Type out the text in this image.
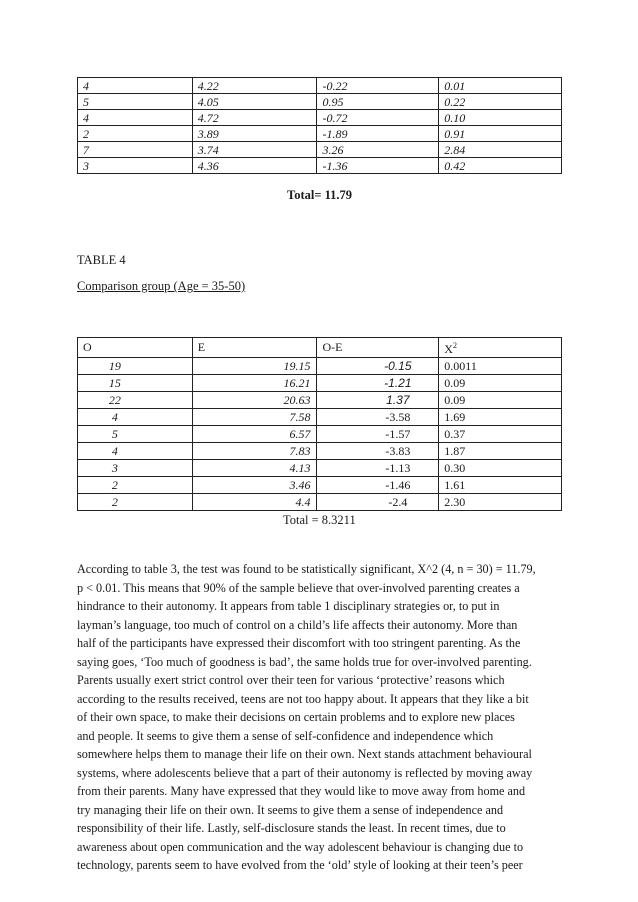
4	4.22	-0.22	0.01
5	4.05	0.95	0.22
4	4.72	-0.72	0.10
2	3.89	-1.89	0.91
7	3.74	3.26	2.84
3	4.36	-1.36	0.42
Total= 11.79
TABLE 4
Comparison group (Age = 35-50)
O	E	O-E	$X^2$
19	19.15	-0.15	0.0011
15	16.21	-1.21	0.09
22	20.63	1.37	0.09
4	7.58	-3.58	1.69
5	6.57	-1.57	0.37
4	7.83	-3.83	1.87
3	4.13	-1.13	0.30
2	3.46	-1.46	1.61
2	4.4	-2.4	2.30
Total = 8.3211
According to table 3, the test was found to be statistically significant, X^2 (4, n = 30) = 11.79,
p < 0.01. This means that 90% of the sample believe that over-involved parenting creates a
hindrance to their autonomy. It appears from table 1 disciplinary strategies or, to put in
layman’s language, too much of control on a child’s life affects their autonomy. More than
half of the participants have expressed their discomfort with too stringent parenting. As the
saying goes, ‘Too much of goodness is bad’, the same holds true for over-involved parenting.
Parents usually exert strict control over their teen for various ‘protective’ reasons which
according to the results received, teens are not too happy about. It appears that they like a bit
of their own space, to make their decisions on certain problems and to explore new places
and people. It seems to give them a sense of self-confidence and independence which
somewhere helps them to manage their life on their own. Next stands attachment behavioural
systems, where adolescents believe that a part of their autonomy is reflected by moving away
from their parents. Many have expressed that they would like to move away from home and
try managing their life on their own. It seems to give them a sense of independence and
responsibility of their life. Lastly, self-disclosure stands the least. In recent times, due to
awareness about open communication and the way adolescent behaviour is changing due to
technology, parents seem to have evolved from the ‘old’ style of looking at their teen’s peer
